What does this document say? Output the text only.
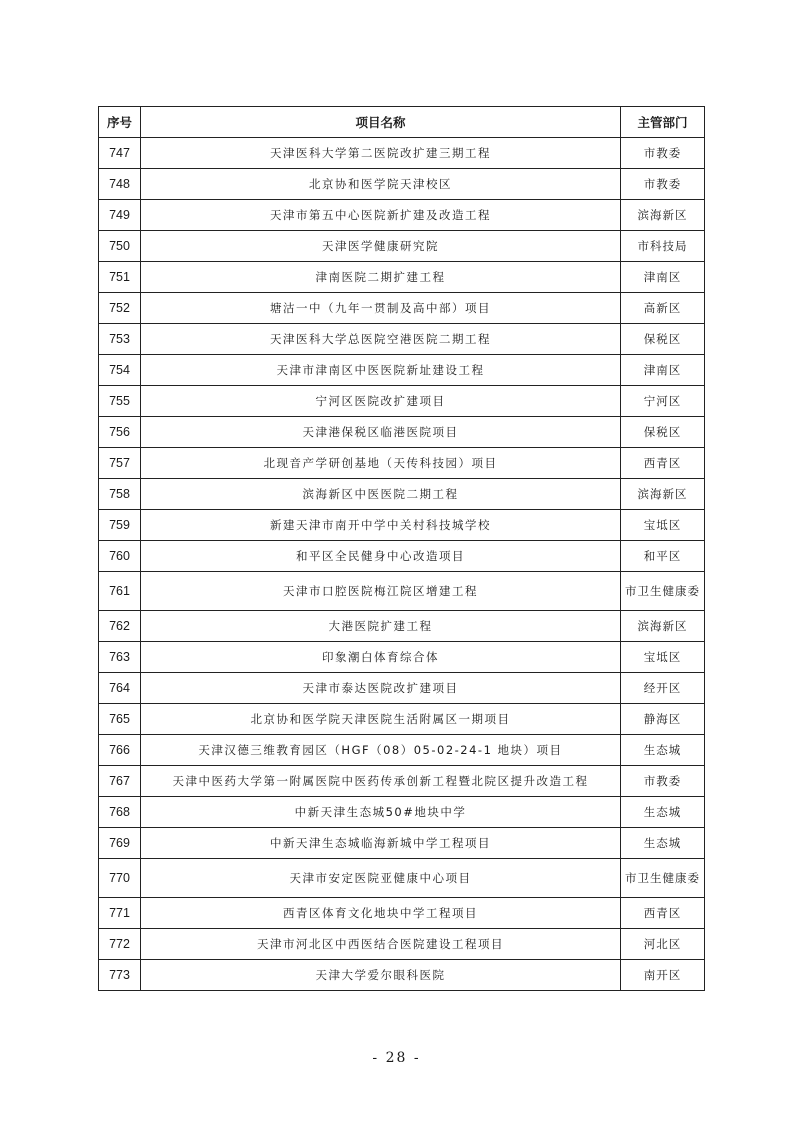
序号	项目名称	主管部门
747	天津医科大学第二医院改扩建三期工程	市教委
748	北京协和医学院天津校区	市教委
749	天津市第五中心医院新扩建及改造工程	滨海新区
750	天津医学健康研究院	市科技局
751	津南医院二期扩建工程	津南区
752	塘沽一中（九年一贯制及高中部）项目	高新区
753	天津医科大学总医院空港医院二期工程	保税区
754	天津市津南区中医医院新址建设工程	津南区
755	宁河区医院改扩建项目	宁河区
756	天津港保税区临港医院项目	保税区
757	北现音产学研创基地（天传科技园）项目	西青区
758	滨海新区中医医院二期工程	滨海新区
759	新建天津市南开中学中关村科技城学校	宝坻区
760	和平区全民健身中心改造项目	和平区
761	天津市口腔医院梅江院区增建工程	市卫生健康委
762	大港医院扩建工程	滨海新区
763	印象潮白体育综合体	宝坻区
764	天津市泰达医院改扩建项目	经开区
765	北京协和医学院天津医院生活附属区一期项目	静海区
766	天津汉德三维教育园区（HGF（08）05-02-24-1 地块）项目	生态城
767	天津中医药大学第一附属医院中医药传承创新工程暨北院区提升改造工程	市教委
768	中新天津生态城50#地块中学	生态城
769	中新天津生态城临海新城中学工程项目	生态城
770	天津市安定医院亚健康中心项目	市卫生健康委
771	西青区体育文化地块中学工程项目	西青区
772	天津市河北区中西医结合医院建设工程项目	河北区
773	天津大学爱尔眼科医院	南开区
- 28 -
